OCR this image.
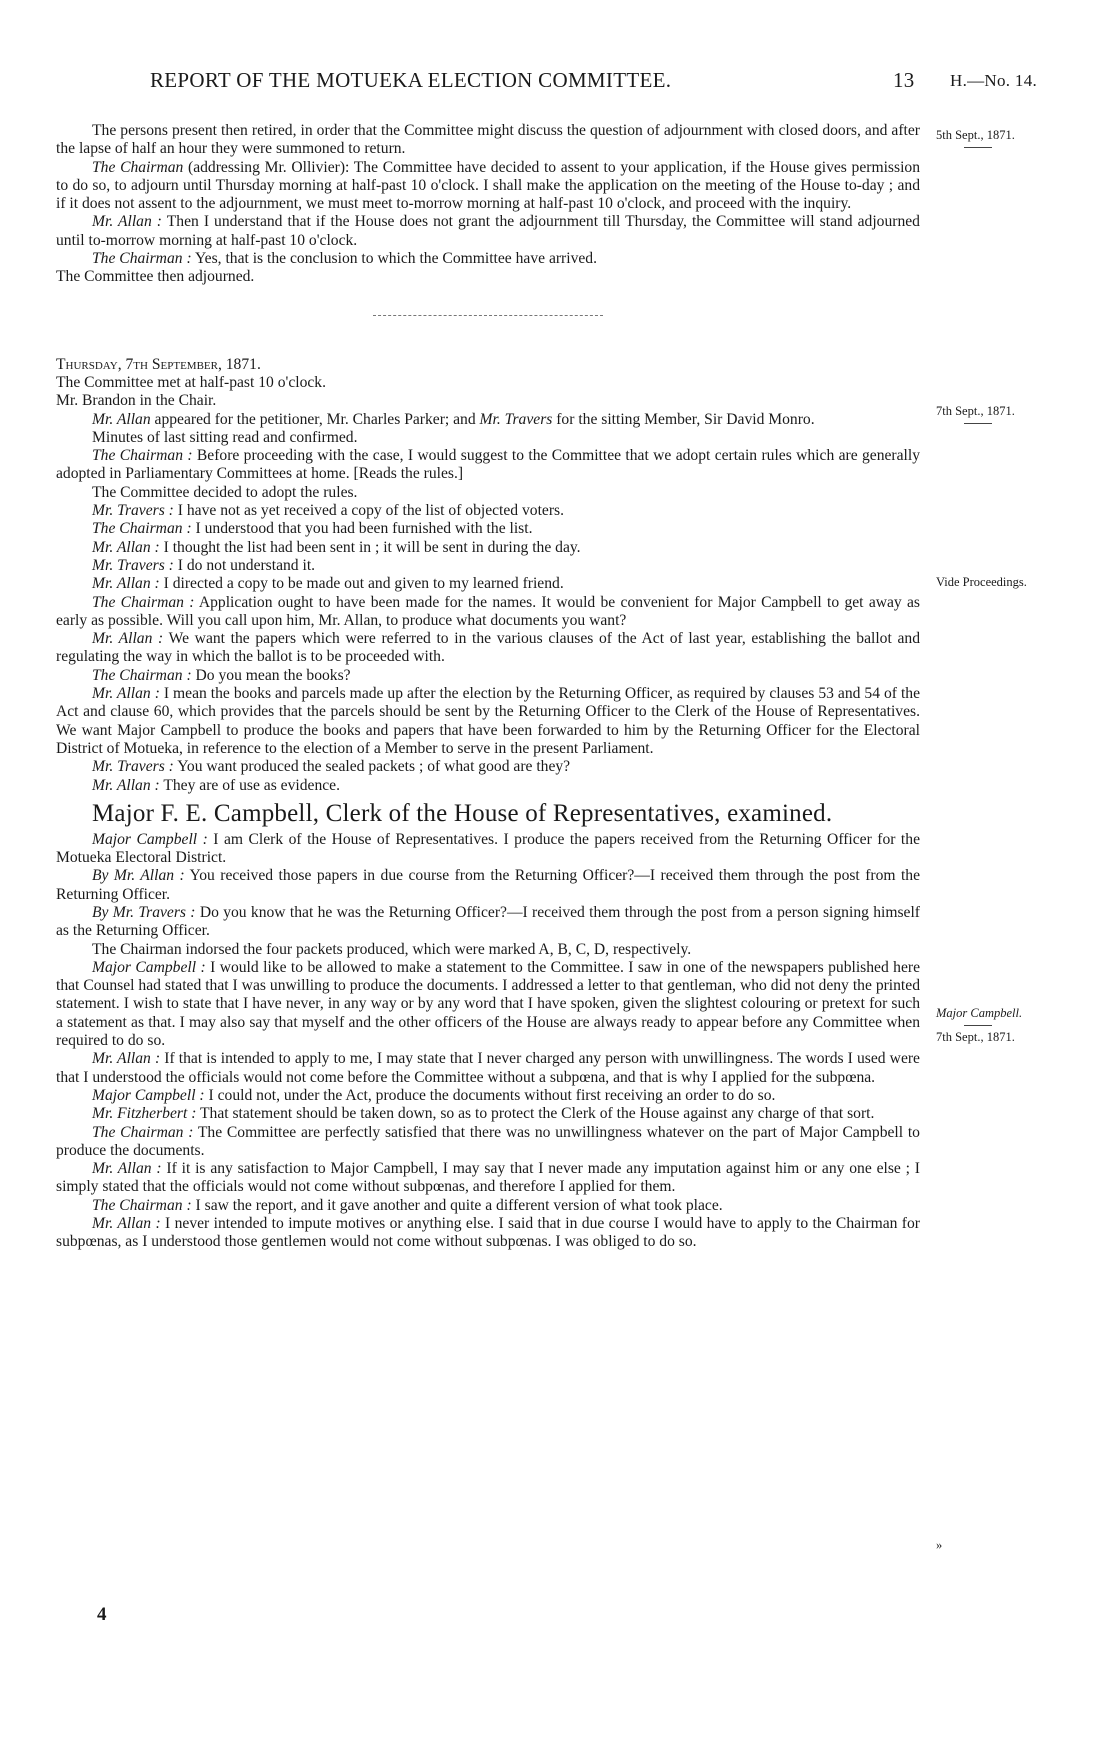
REPORT OF THE MOTUEKA ELECTION COMMITTEE.	13 H.—No. 14.
5th Sept., 1871.
7th Sept., 1871.
Vide Proceedings.
Major Campbell.
7th Sept., 1871.
»

The persons present then retired, in order that the Committee might discuss the question of adjournment with closed doors, and after the lapse of half an hour they were summoned to return.

The Chairman (addressing Mr. Ollivier): The Committee have decided to assent to your application, if the House gives permission to do so, to adjourn until Thursday morning at half-past 10 o'clock. I shall make the application on the meeting of the House to-day ; and if it does not assent to the adjournment, we must meet to-morrow morning at half-past 10 o'clock, and proceed with the inquiry.

Mr. Allan : Then I understand that if the House does not grant the adjournment till Thursday, the Committee will stand adjourned until to-morrow morning at half-past 10 o'clock.

The Chairman : Yes, that is the conclusion to which the Committee have arrived.

The Committee then adjourned.

Thursday, 7th September, 1871.

The Committee met at half-past 10 o'clock.

Mr. Brandon in the Chair.

Mr. Allan appeared for the petitioner, Mr. Charles Parker; and Mr. Travers for the sitting Member, Sir David Monro.

Minutes of last sitting read and confirmed.

The Chairman : Before proceeding with the case, I would suggest to the Committee that we adopt certain rules which are generally adopted in Parliamentary Committees at home. [Reads the rules.]

The Committee decided to adopt the rules.

Mr. Travers : I have not as yet received a copy of the list of objected voters.

The Chairman : I understood that you had been furnished with the list.

Mr. Allan : I thought the list had been sent in ; it will be sent in during the day.

Mr. Travers : I do not understand it.

Mr. Allan : I directed a copy to be made out and given to my learned friend.

The Chairman : Application ought to have been made for the names. It would be convenient for Major Campbell to get away as early as possible. Will you call upon him, Mr. Allan, to produce what documents you want?

Mr. Allan : We want the papers which were referred to in the various clauses of the Act of last year, establishing the ballot and regulating the way in which the ballot is to be proceeded with.

The Chairman : Do you mean the books?

Mr. Allan : I mean the books and parcels made up after the election by the Returning Officer, as required by clauses 53 and 54 of the Act and clause 60, which provides that the parcels should be sent by the Returning Officer to the Clerk of the House of Representatives. We want Major Campbell to produce the books and papers that have been forwarded to him by the Returning Officer for the Electoral District of Motueka, in reference to the election of a Member to serve in the present Parliament.

Mr. Travers : You want produced the sealed packets ; of what good are they?

Mr. Allan : They are of use as evidence.

Major F. E. Campbell, Clerk of the House of Representatives, examined.

Major Campbell : I am Clerk of the House of Representatives. I produce the papers received from the Returning Officer for the Motueka Electoral District.

By Mr. Allan : You received those papers in due course from the Returning Officer?—I received them through the post from the Returning Officer.

By Mr. Travers : Do you know that he was the Returning Officer?—I received them through the post from a person signing himself as the Returning Officer.

The Chairman indorsed the four packets produced, which were marked A, B, C, D, respectively.

Major Campbell : I would like to be allowed to make a statement to the Committee. I saw in one of the newspapers published here that Counsel had stated that I was unwilling to produce the documents. I addressed a letter to that gentleman, who did not deny the printed statement. I wish to state that I have never, in any way or by any word that I have spoken, given the slightest colouring or pretext for such a statement as that. I may also say that myself and the other officers of the House are always ready to appear before any Committee when required to do so.

Mr. Allan : If that is intended to apply to me, I may state that I never charged any person with unwillingness. The words I used were that I understood the officials would not come before the Committee without a subpœna, and that is why I applied for the subpœna.

Major Campbell : I could not, under the Act, produce the documents without first receiving an order to do so.

Mr. Fitzherbert : That statement should be taken down, so as to protect the Clerk of the House against any charge of that sort.

The Chairman : The Committee are perfectly satisfied that there was no unwillingness whatever on the part of Major Campbell to produce the documents.

Mr. Allan : If it is any satisfaction to Major Campbell, I may say that I never made any imputation against him or any one else ; I simply stated that the officials would not come without subpœnas, and therefore I applied for them.

The Chairman : I saw the report, and it gave another and quite a different version of what took place.

Mr. Allan : I never intended to impute motives or anything else. I said that in due course I would have to apply to the Chairman for subpœnas, as I understood those gentlemen would not come without subpœnas. I was obliged to do so.

4
